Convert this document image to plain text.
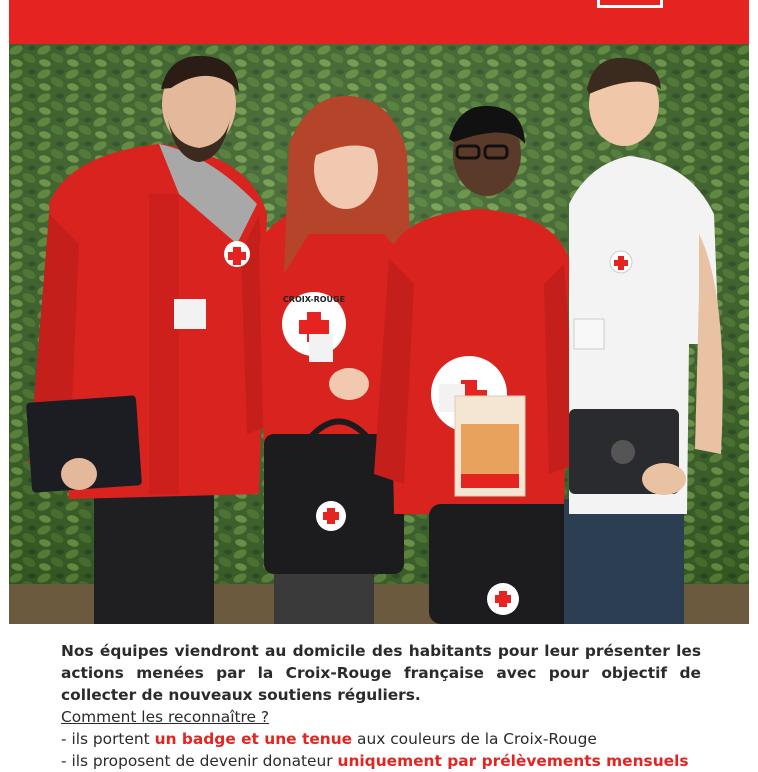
CROIX-ROUGE

Nos équipes viendront au domicile des habitants pour leur présenter les actions menées par la Croix-Rouge française avec pour objectif de collecter de nouveaux soutiens réguliers.

Comment les reconnaître ?

- ils portent un badge et une tenue aux couleurs de la Croix-Rouge

- ils proposent de devenir donateur uniquement par prélèvements mensuels
